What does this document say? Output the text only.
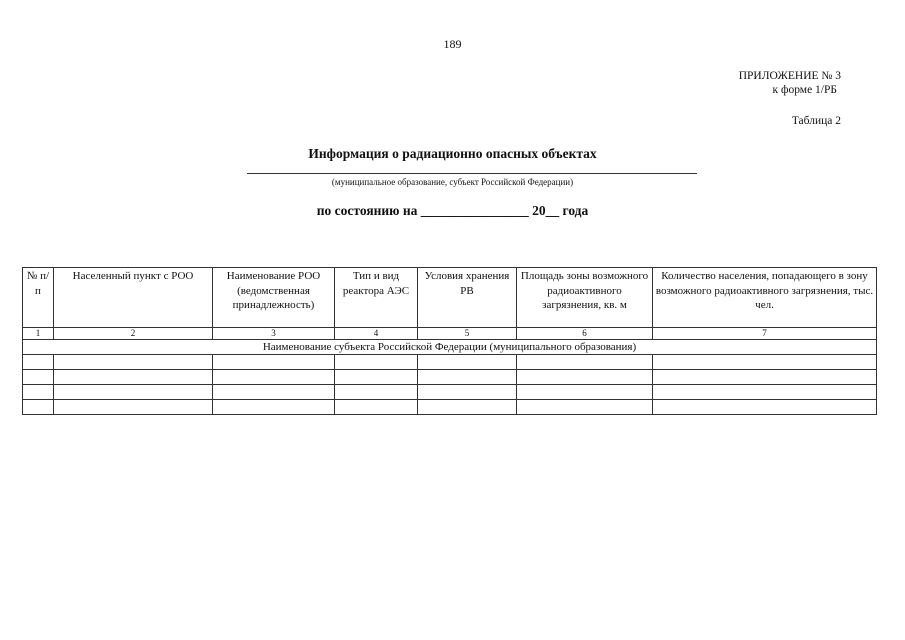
189
ПРИЛОЖЕНИЕ № 3

к форме 1/РБ
Таблица 2
Информация о радиационно опасных объектах
(муниципальное образование, субъект Российской Федерации)
по состоянию на ________________ 20__ года
№ п/п	Населенный пункт с РОО	Наименование РОО (ведомственная принадлежность)	Тип и вид реактора АЭС	Условия хранения РВ	Площадь зоны возможного радиоактивного загрязнения, кв. м	Количество населения, попадающего в зону возможного радиоактивного загрязнения, тыс. чел.
1	2	3	4	5	6	7
Наименование субъекта Российской Федерации (муниципального образования)						
